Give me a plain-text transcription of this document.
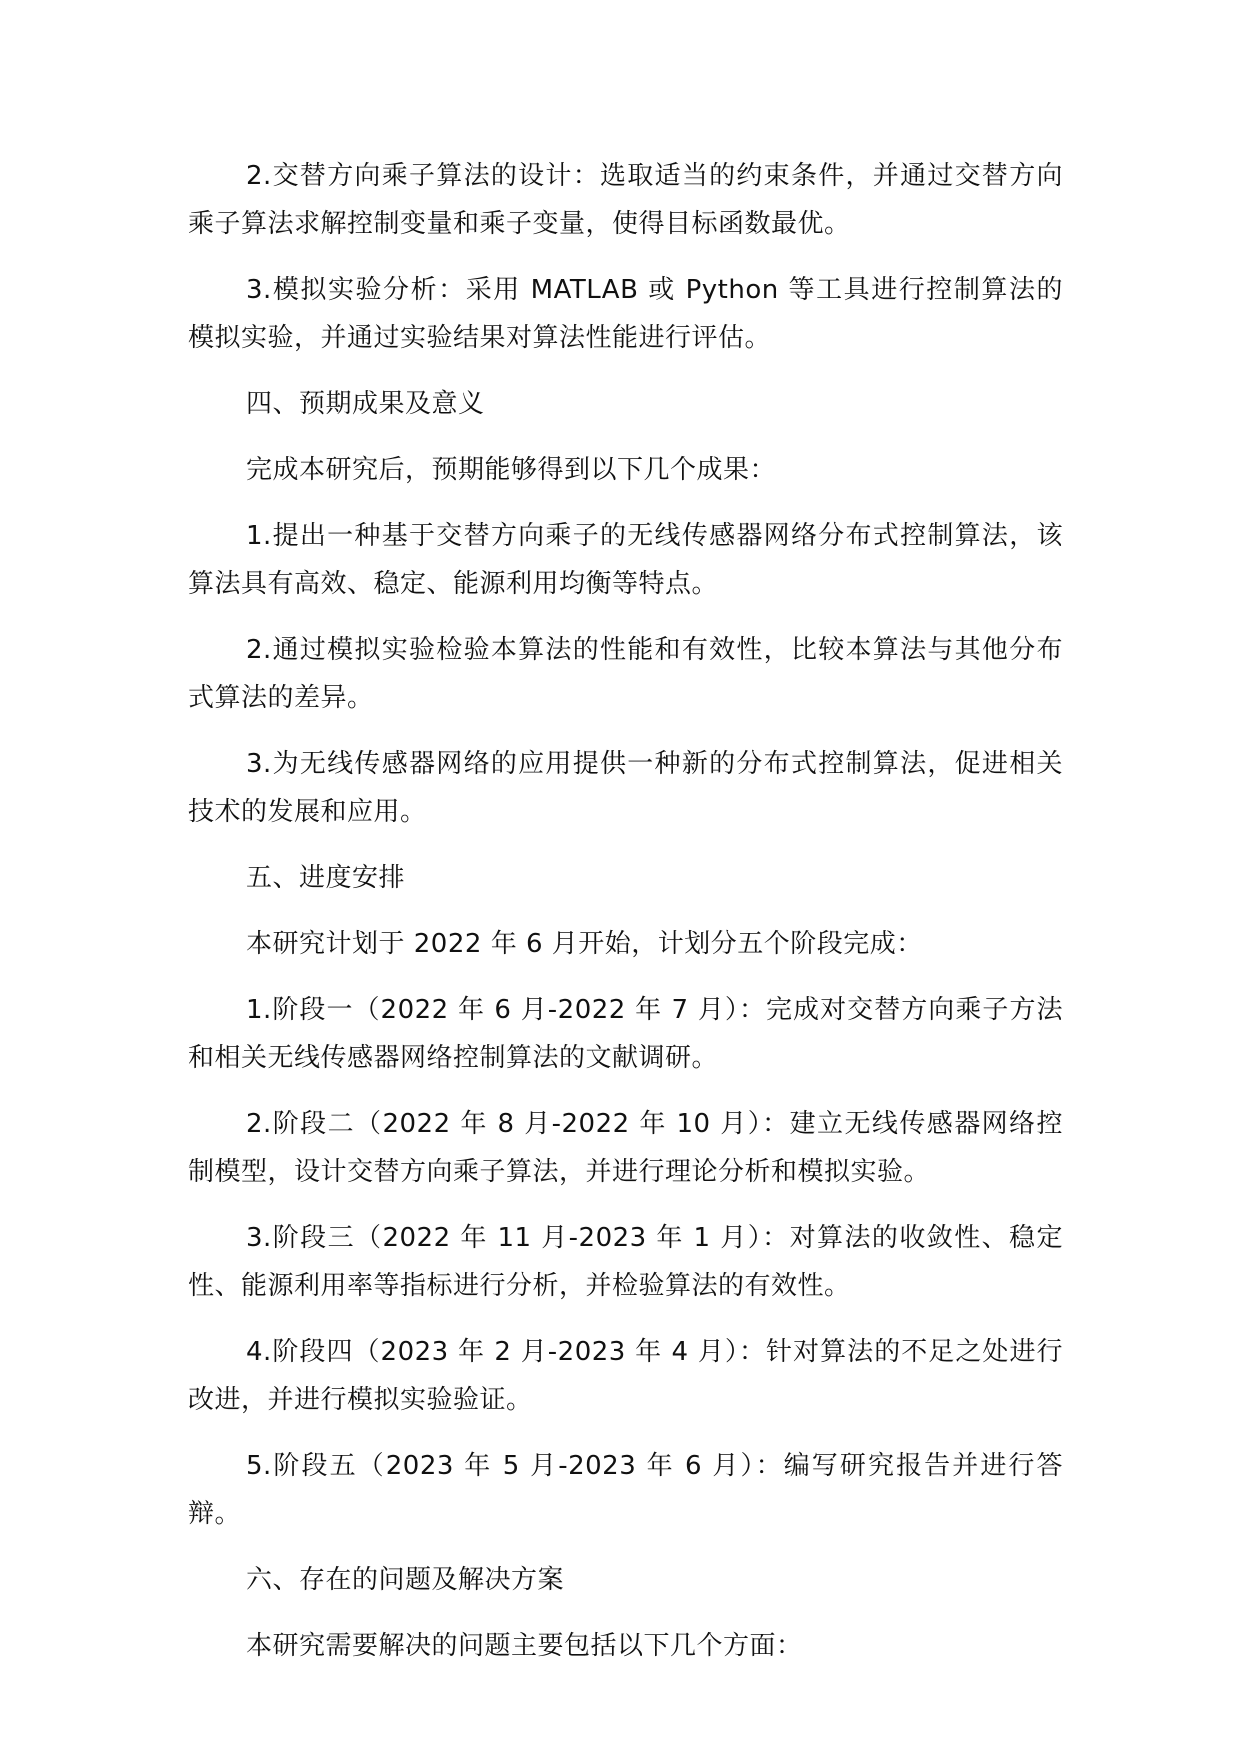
2.交替方向乘子算法的设计：选取适当的约束条件，并通过交替方向乘子算法求解控制变量和乘子变量，使得目标函数最优。

3.模拟实验分析：采用 MATLAB 或 Python 等工具进行控制算法的模拟实验，并通过实验结果对算法性能进行评估。

四、预期成果及意义

完成本研究后，预期能够得到以下几个成果：

1.提出一种基于交替方向乘子的无线传感器网络分布式控制算法，该算法具有高效、稳定、能源利用均衡等特点。

2.通过模拟实验检验本算法的性能和有效性，比较本算法与其他分布式算法的差异。

3.为无线传感器网络的应用提供一种新的分布式控制算法，促进相关技术的发展和应用。

五、进度安排

本研究计划于 2022 年 6 月开始，计划分五个阶段完成：

1.阶段一（2022 年 6 月-2022 年 7 月）：完成对交替方向乘子方法和相关无线传感器网络控制算法的文献调研。

2.阶段二（2022 年 8 月-2022 年 10 月）：建立无线传感器网络控制模型，设计交替方向乘子算法，并进行理论分析和模拟实验。

3.阶段三（2022 年 11 月-2023 年 1 月）：对算法的收敛性、稳定性、能源利用率等指标进行分析，并检验算法的有效性。

4.阶段四（2023 年 2 月-2023 年 4 月）：针对算法的不足之处进行改进，并进行模拟实验验证。

5.阶段五（2023 年 5 月-2023 年 6 月）：编写研究报告并进行答辩。

六、存在的问题及解决方案

本研究需要解决的问题主要包括以下几个方面：
